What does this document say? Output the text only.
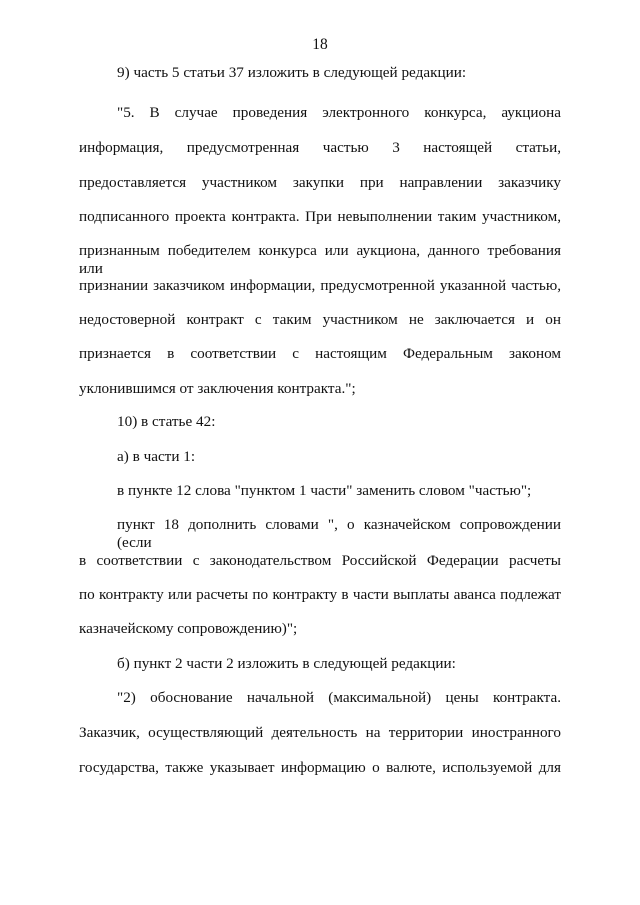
18
9) часть 5 статьи 37 изложить в следующей редакции:
"5. В случае проведения электронного конкурса, аукциона
информация, предусмотренная частью 3 настоящей статьи,
предоставляется участником закупки при направлении заказчику
подписанного проекта контракта. При невыполнении таким участником,
признанным победителем конкурса или аукциона, данного требования или
признании заказчиком информации, предусмотренной указанной частью,
недостоверной контракт с таким участником не заключается и он
признается в соответствии с настоящим Федеральным законом
уклонившимся от заключения контракта.";
10) в статье 42:
а) в части 1:
в пункте 12 слова "пунктом 1 части" заменить словом "частью";
пункт 18 дополнить словами ", о казначейском сопровождении (если
в соответствии с законодательством Российской Федерации расчеты
по контракту или расчеты по контракту в части выплаты аванса подлежат
казначейскому сопровождению)";
б) пункт 2 части 2 изложить в следующей редакции:
"2) обоснование начальной (максимальной) цены контракта.
Заказчик, осуществляющий деятельность на территории иностранного
государства, также указывает информацию о валюте, используемой для
